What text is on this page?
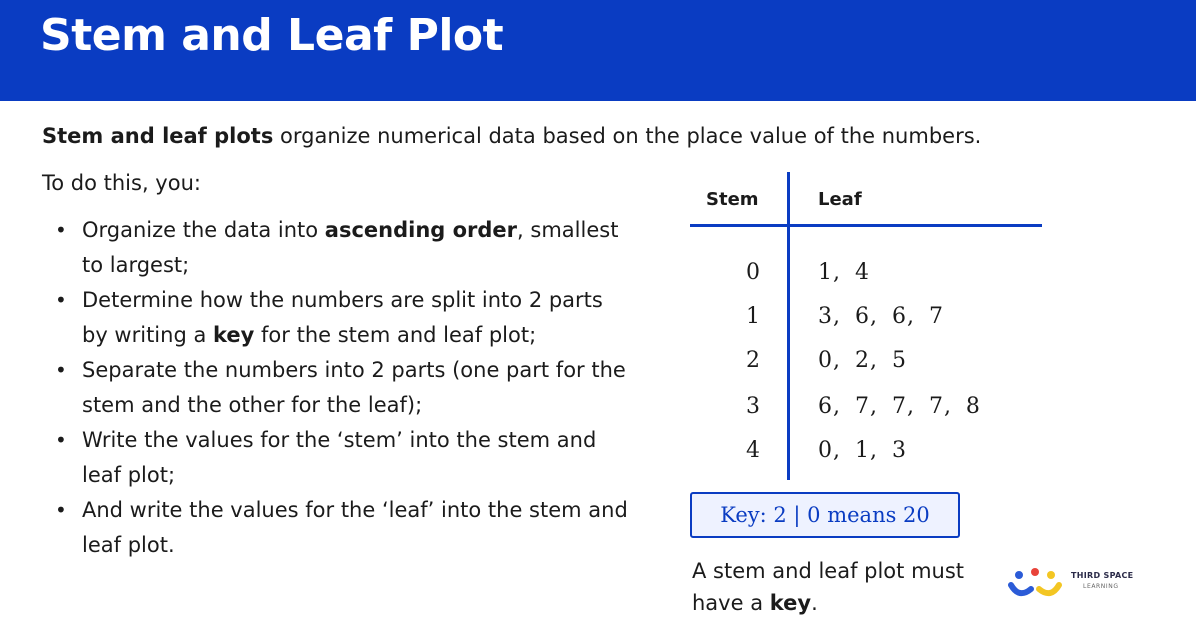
Stem and Leaf Plot

Stem and leaf plots organize numerical data based on the place value of the numbers.

To do this, you:

• Organize the data into ascending order, smallest to largest;
• Determine how the numbers are split into 2 parts by writing a key for the stem and leaf plot;
• Separate the numbers into 2 parts (one part for the stem and the other for the leaf);
• Write the values for the ‘stem’ into the stem and leaf plot;
• And write the values for the ‘leaf’ into the stem and leaf plot.
Stem	Leaf
0	1, 4
1	3, 6, 6, 7
2	0, 2, 5
3	6, 7, 7, 7, 8
4	0, 1, 3
Key: 2 | 0 means 20

A stem and leaf plot must have a key.

THIRD SPACE
LEARNING
